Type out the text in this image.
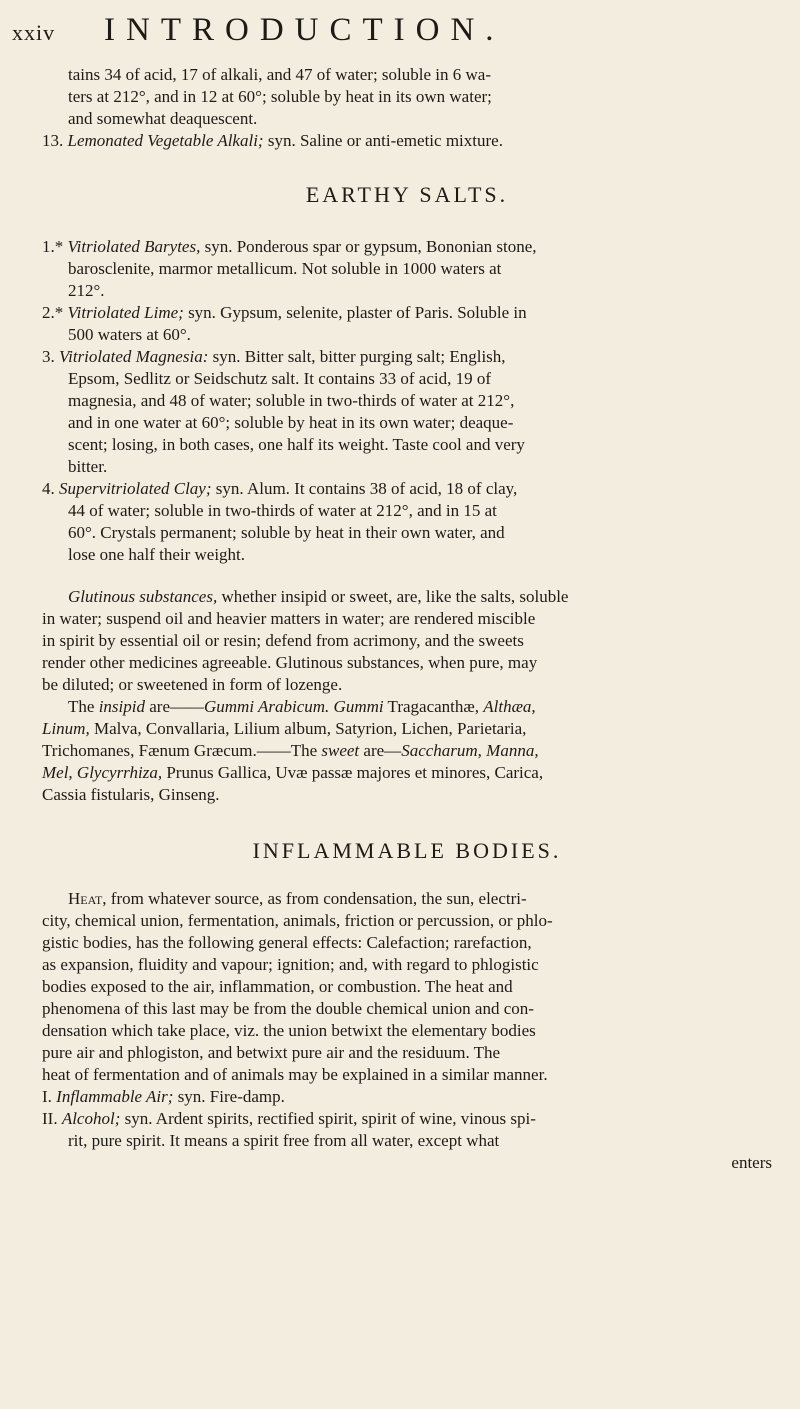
xxiv INTRODUCTION.

tains 34 of acid, 17 of alkali, and 47 of water; soluble in 6 wa-

ters at 212°, and in 12 at 60°; soluble by heat in its own water;

and somewhat deaquescent.

13. Lemonated Vegetable Alkali; syn. Saline or anti-emetic mixture.

EARTHY SALTS.

1.* Vitriolated Barytes, syn. Ponderous spar or gypsum, Bononian stone,

barosclenite, marmor metallicum. Not soluble in 1000 waters at

212°.

2.* Vitriolated Lime; syn. Gypsum, selenite, plaster of Paris. Soluble in

500 waters at 60°.

3. Vitriolated Magnesia: syn. Bitter salt, bitter purging salt; English,

Epsom, Sedlitz or Seidschutz salt. It contains 33 of acid, 19 of

magnesia, and 48 of water; soluble in two-thirds of water at 212°,

and in one water at 60°; soluble by heat in its own water; deaque-

scent; losing, in both cases, one half its weight. Taste cool and very

bitter.

4. Supervitriolated Clay; syn. Alum. It contains 38 of acid, 18 of clay,

44 of water; soluble in two-thirds of water at 212°, and in 15 at

60°. Crystals permanent; soluble by heat in their own water, and

lose one half their weight.

Glutinous substances, whether insipid or sweet, are, like the salts, soluble

in water; suspend oil and heavier matters in water; are rendered miscible

in spirit by essential oil or resin; defend from acrimony, and the sweets

render other medicines agreeable. Glutinous substances, when pure, may

be diluted; or sweetened in form of lozenge.

The insipid are——Gummi Arabicum. Gummi Tragacanthæ, Althæa,

Linum, Malva, Convallaria, Lilium album, Satyrion, Lichen, Parietaria,

Trichomanes, Fænum Græcum.——The sweet are—Saccharum, Manna,

Mel, Glycyrrhiza, Prunus Gallica, Uvæ passæ majores et minores, Carica,

Cassia fistularis, Ginseng.

INFLAMMABLE BODIES.

Heat, from whatever source, as from condensation, the sun, electri-

city, chemical union, fermentation, animals, friction or percussion, or phlo-

gistic bodies, has the following general effects: Calefaction; rarefaction,

as expansion, fluidity and vapour; ignition; and, with regard to phlogistic

bodies exposed to the air, inflammation, or combustion. The heat and

phenomena of this last may be from the double chemical union and con-

densation which take place, viz. the union betwixt the elementary bodies

pure air and phlogiston, and betwixt pure air and the residuum. The

heat of fermentation and of animals may be explained in a similar manner.

I. Inflammable Air; syn. Fire-damp.

II. Alcohol; syn. Ardent spirits, rectified spirit, spirit of wine, vinous spi-

rit, pure spirit. It means a spirit free from all water, except what

enters
